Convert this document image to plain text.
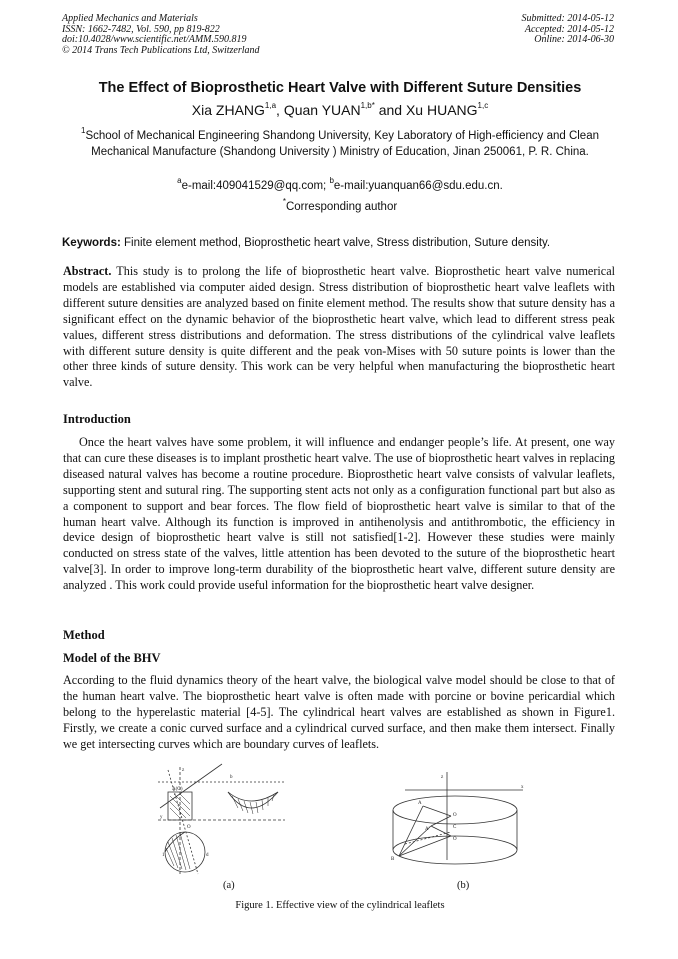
Applied Mechanics and Materials
ISSN: 1662-7482, Vol. 590, pp 819-822
doi:10.4028/www.scientific.net/AMM.590.819
© 2014 Trans Tech Publications Ltd, Switzerland
Submitted: 2014-05-12
Accepted: 2014-05-12
Online: 2014-06-30
The Effect of Bioprosthetic Heart Valve with Different Suture Densities
Xia ZHANG$^{1,a}$, Quan $YUAN^{1,b*}$ and Xu HUANG$^{1,c}$
$^1$School of Mechanical Engineering Shandong University, Key Laboratory of High-efficiency and Clean Mechanical Manufacture (Shandong University ) Ministry of Education, Jinan 250061, P. R. China.
$^a$e-mail:409041529@qq.com; $^b$e-mail:yuanquan66@sdu.edu.cn.
*Corresponding author
Keywords: Finite element method, Bioprosthetic heart valve, Stress distribution, Suture density.
Abstract. This study is to prolong the life of bioprosthetic heart valve. Bioprosthetic heart valve numerical models are established via computer aided design. Stress distribution of bioprosthetic heart valve leaflets with different suture densities are analyzed based on finite element method. The results show that suture density has a significant effect on the dynamic behavior of the bioprosthetic heart valve, which lead to different stress peak values, different stress distributions and deformation. The stress distributions of the cylindrical valve leaflets with different suture density is quite different and the peak von-Mises with 50 suture points is lower than the other three kinds of suture density. This work can be very helpful when manufacturing the bioprosthetic heart valve.
Introduction
Once the heart valves have some problem, it will influence and endanger people’s life. At present, one way that can cure these diseases is to implant prosthetic heart valve. The use of bioprosthetic heart valves in replacing diseased natural valves has become a routine procedure. Bioprosthetic heart valve consists of valvular leaflets, supporting stent and sutural ring. The supporting stent acts not only as a configuration functional part but also as a component to support and bear forces. The flow field of bioprosthetic heart valve is similar to that of the human heart valve. Although its function is improved in antihenolysis and antithrombotic, the efficiency in device design of bioprosthetic heart valve is still not satisfied[1-2]. However these studies were mainly conducted on stress state of the valves, little attention has been devoted to the suture of the bioprosthetic heart valve[3]. In order to improve long-term durability of the bioprosthetic heart valve, different suture density are analyzed . This work could provide useful information for the bioprosthetic heart valve designer.
Method
Model of the BHV
According to the fluid dynamics theory of the heart valve, the biological valve model should be close to that of the human heart valve. The bioprosthetic heart valve is often made with porcine or bovine pericardial which belong to the hyperelastic material [4-5]. The cylindrical heart valves are established as shown in Figure1. Firstly, we create a conic curved surface and a cylindrical curved surface, and then make them intersect. Finally we get intersecting curves which are boundary curves of leaflets.
z
b
A(O)
y
O
1	d
z
x
A
O
C
A'
O
B
(a)	(b)
Figure 1. Effective view of the cylindrical leaflets
